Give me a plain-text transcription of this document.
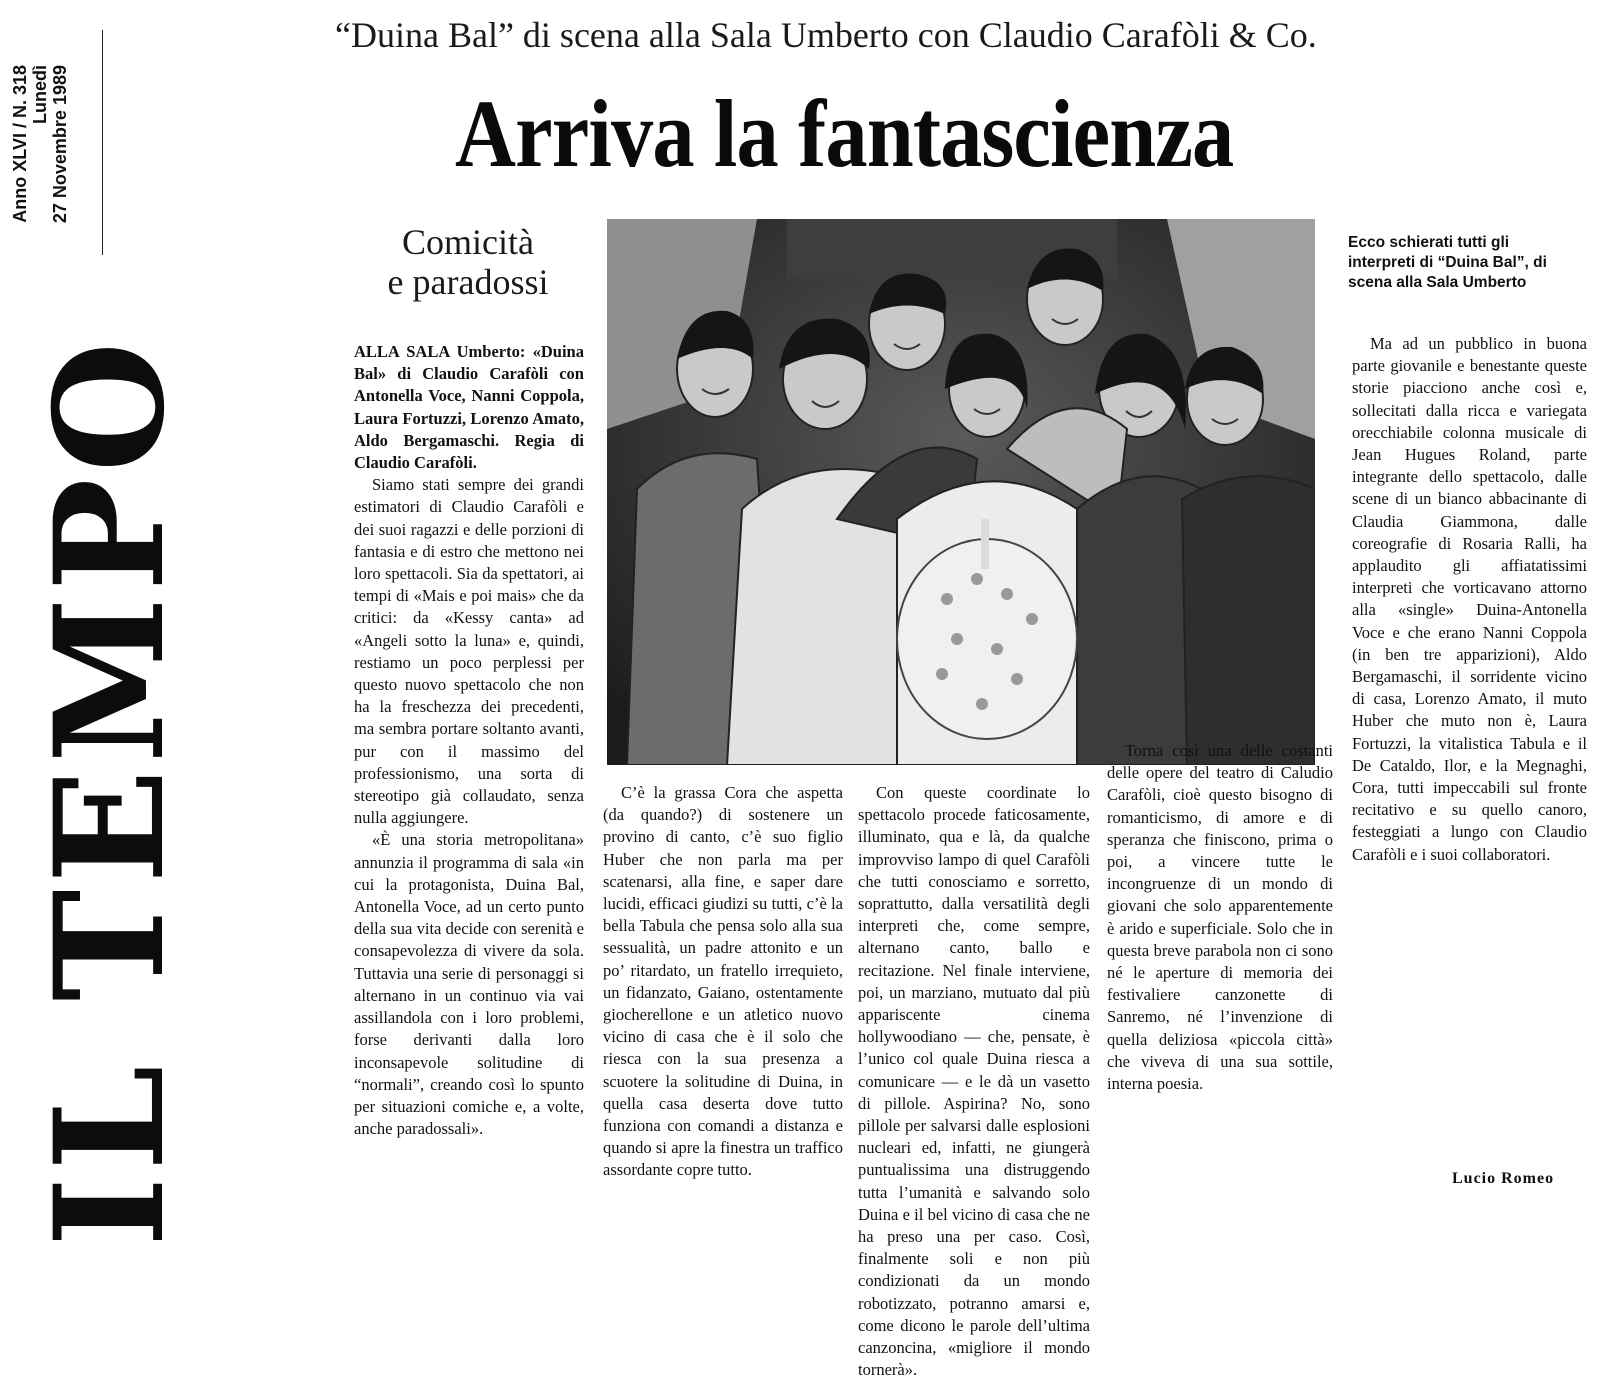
IL TEMPO
Anno XLVI / N. 318 Lunedì 27 Novembre 1989
“Duina Bal” di scena alla Sala Umberto con Claudio Carafòli & Co.
Arriva la fantascienza
Comicità
e paradossi
Ecco schierati tutti gli interpreti di “Duina Bal”, di scena alla Sala Umberto

ALLA SALA Umberto: «Duina Bal» di Claudio Carafòli con Antonella Voce, Nanni Coppola, Laura Fortuzzi, Lorenzo Amato, Aldo Bergamaschi. Regia di Claudio Carafòli.

Siamo stati sempre dei grandi estimatori di Claudio Carafòli e dei suoi ragazzi e delle porzioni di fantasia e di estro che mettono nei loro spettacoli. Sia da spettatori, ai tempi di «Mais e poi mais» che da critici: da «Kessy canta» ad «Angeli sotto la luna» e, quindi, restiamo un poco perplessi per questo nuovo spettacolo che non ha la freschezza dei precedenti, ma sembra portare soltanto avanti, pur con il massimo del professionismo, una sorta di stereotipo già collaudato, senza nulla aggiungere.

«È una storia metropolitana» annunzia il programma di sala «in cui la protagonista, Duina Bal, Antonella Voce, ad un certo punto della sua vita decide con serenità e consapevolezza di vivere da sola. Tuttavia una serie di personaggi si alternano in un continuo via vai assillandola con i loro problemi, forse derivanti dalla loro inconsapevole solitudine di “normali”, creando così lo spunto per situazioni comiche e, a volte, anche paradossali».

C’è la grassa Cora che aspetta (da quando?) di sostenere un provino di canto, c’è suo figlio Huber che non parla ma per scatenarsi, alla fine, e saper dare lucidi, efficaci giudizi su tutti, c’è la bella Tabula che pensa solo alla sua sessualità, un padre attonito e un po’ ritardato, un fratello irrequieto, un fidanzato, Gaiano, ostentamente giocherellone e un atletico nuovo vicino di casa che è il solo che riesca con la sua presenza a scuotere la solitudine di Duina, in quella casa deserta dove tutto funziona con comandi a distanza e quando si apre la finestra un traffico assordante copre tutto.

Con queste coordinate lo spettacolo procede faticosamente, illuminato, qua e là, da qualche improvviso lampo di quel Carafòli che tutti conosciamo e sorretto, soprattutto, dalla versatilità degli interpreti che, come sempre, alternano canto, ballo e recitazione. Nel finale interviene, poi, un marziano, mutuato dal più appariscente cinema hollywoodiano — che, pensate, è l’unico col quale Duina riesca a comunicare — e le dà un vasetto di pillole. Aspirina? No, sono pillole per salvarsi dalle esplosioni nucleari ed, infatti, ne giungerà puntualissima una distruggendo tutta l’umanità e salvando solo Duina e il bel vicino di casa che ne ha preso una per caso. Così, finalmente soli e non più condizionati da un mondo robotizzato, potranno amarsi e, come dicono le parole dell’ultima canzoncina, «migliore il mondo tornerà».

Torna così una delle costanti delle opere del teatro di Caludio Carafòli, cioè questo bisogno di romanticismo, di amore e di speranza che finiscono, prima o poi, a vincere tutte le incongruenze di un mondo di giovani che solo apparentemente è arido e superficiale. Solo che in questa breve parabola non ci sono né le aperture di memoria dei festivaliere canzonette di Sanremo, né l’invenzione di quella deliziosa «piccola città» che viveva di una sua sottile, interna poesia.

Ma ad un pubblico in buona parte giovanile e benestante queste storie piacciono anche così e, sollecitati dalla ricca e variegata orecchiabile colonna musicale di Jean Hugues Roland, parte integrante dello spettacolo, dalle scene di un bianco abbacinante di Claudia Giammona, dalle coreografie di Rosaria Ralli, ha applaudito gli affiatatissimi interpreti che vorticavano attorno alla «single» Duina-Antonella Voce e che erano Nanni Coppola (in ben tre apparizioni), Aldo Bergamaschi, il sorridente vicino di casa, Lorenzo Amato, il muto Huber che muto non è, Laura Fortuzzi, la vitalistica Tabula e il De Cataldo, Ilor, e la Megnaghi, Cora, tutti impeccabili sul fronte recitativo e su quello canoro, festeggiati a lungo con Claudio Carafòli e i suoi collaboratori.

Lucio Romeo
